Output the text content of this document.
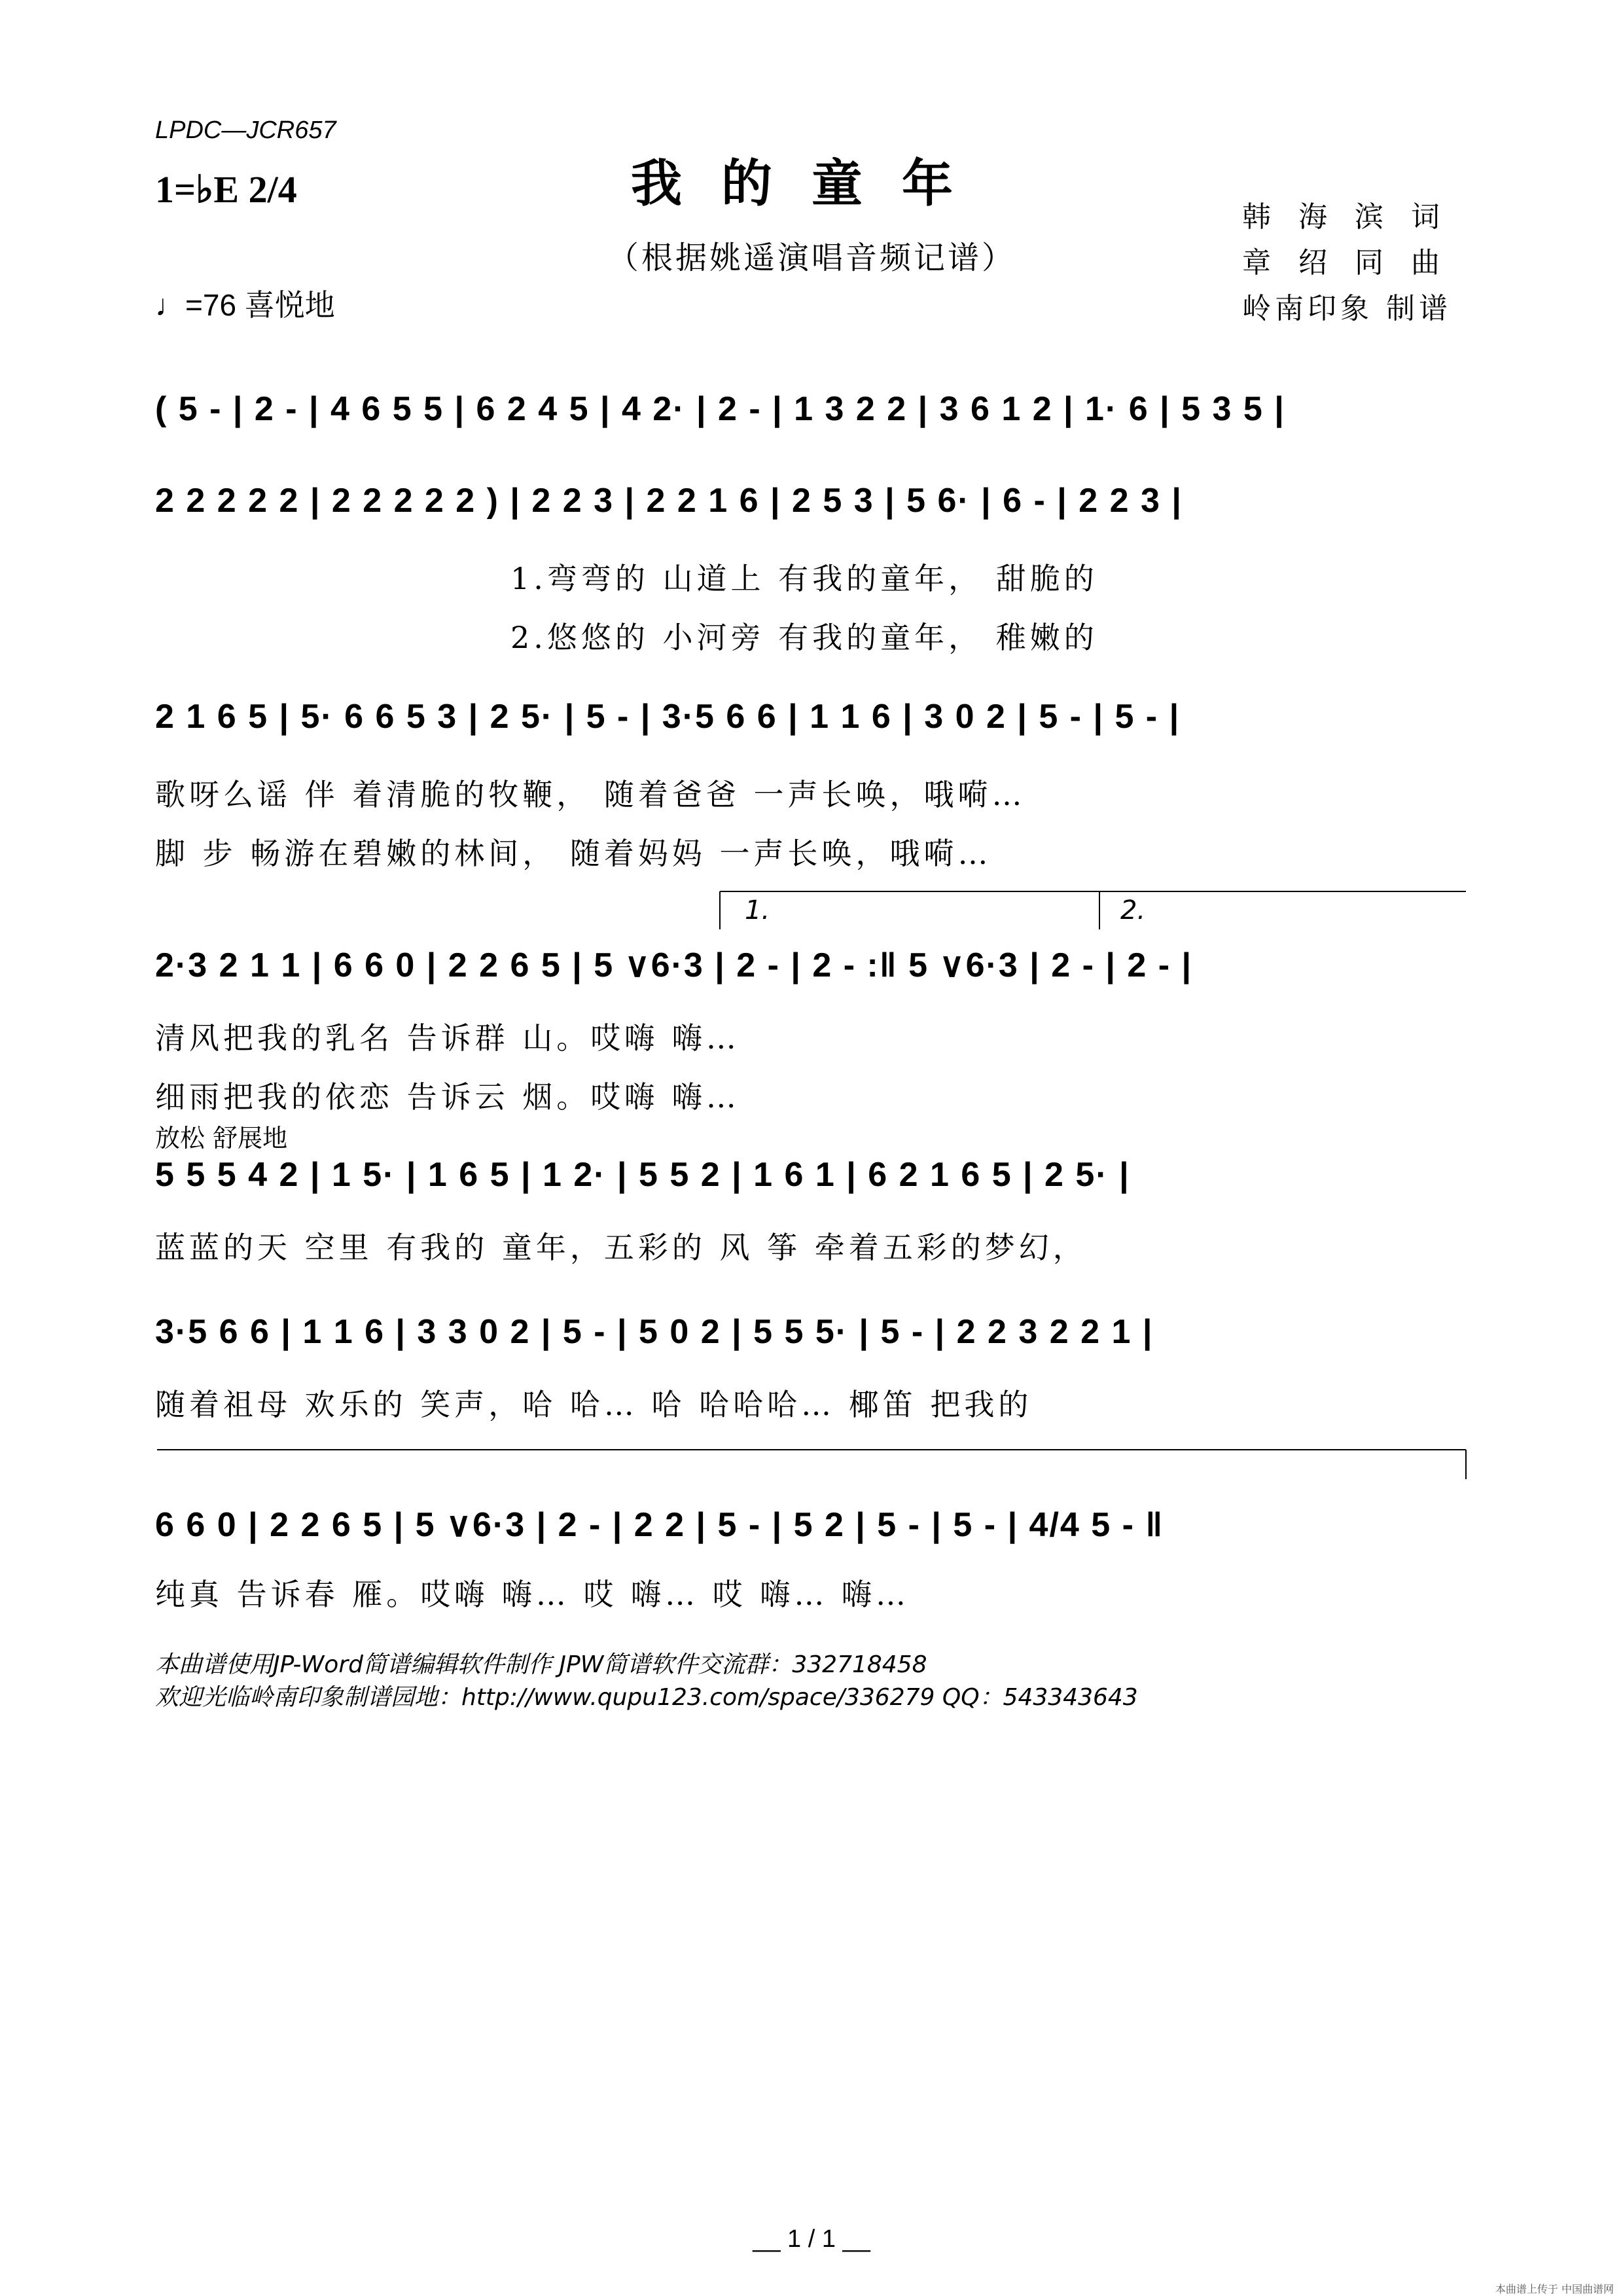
LPDC—JCR657
1=♭E 2/4
♩=76 喜悦地
我的童年
（根据姚遥演唱音频记谱）
韩 海 滨 词
章 绍 同 曲
岭南印象 制谱
( 5 - | 2 - | 4 6 5 5 | 6 2 4 5 | 4 2· | 2 - | 1 3 2 2 | 3 6 1 2 | 1· 6 | 5 3 5 |
2 2 2 2 2 | 2 2 2 2 2 ) | 2 2 3 | 2 2 1 6 | 2 5 3 | 5 6· | 6 - | 2 2 3 |
1.弯弯的 山道上 有我的童年， 甜脆的
2.悠悠的 小河旁 有我的童年， 稚嫩的
2 1 6 5 | 5· 6 6 5 3 | 2 5· | 5 - | 3·5 6 6 | 1 1 6 | 3 0 2 | 5 - | 5 - |
歌呀么谣 伴 着清脆的牧鞭， 随着爸爸 一声长唤，哦嗬…
脚 步 畅游在碧嫩的林间， 随着妈妈 一声长唤，哦嗬…
1.	2.
2·3 2 1 1 | 6 6 0 | 2 2 6 5 | 5 ∨6·3 | 2 - | 2 - :‖ 5 ∨6·3 | 2 - | 2 - |
清风把我的乳名 告诉群 山。哎嗨 嗨…
细雨把我的依恋 告诉云 烟。哎嗨 嗨…
放松 舒展地
5 5 5 4 2 | 1 5· | 1 6 5 | 1 2· | 5 5 2 | 1 6 1 | 6 2 1 6 5 | 2 5· |
蓝蓝的天 空里 有我的 童年，五彩的 风 筝 牵着五彩的梦幻，
3·5 6 6 | 1 1 6 | 3 3 0 2 | 5 - | 5 0 2 | 5 5 5· | 5 - | 2 2 3 2 2 1 |
随着祖母 欢乐的 笑声，哈 哈… 哈 哈哈哈… 椰笛 把我的
6 6 0 | 2 2 6 5 | 5 ∨6·3 | 2 - | 2 2 | 5 - | 5 2 | 5 - | 5 - | 4/4 5 - ‖
纯真 告诉春 雁。哎嗨 嗨… 哎 嗨… 哎 嗨… 嗨…
本曲谱使用JP-Word简谱编辑软件制作 JPW简谱软件交流群：332718458
欢迎光临岭南印象制谱园地：http://www.qupu123.com/space/336279 QQ：543343643
__ 1 / 1 __
本曲谱上传于 中国曲谱网
